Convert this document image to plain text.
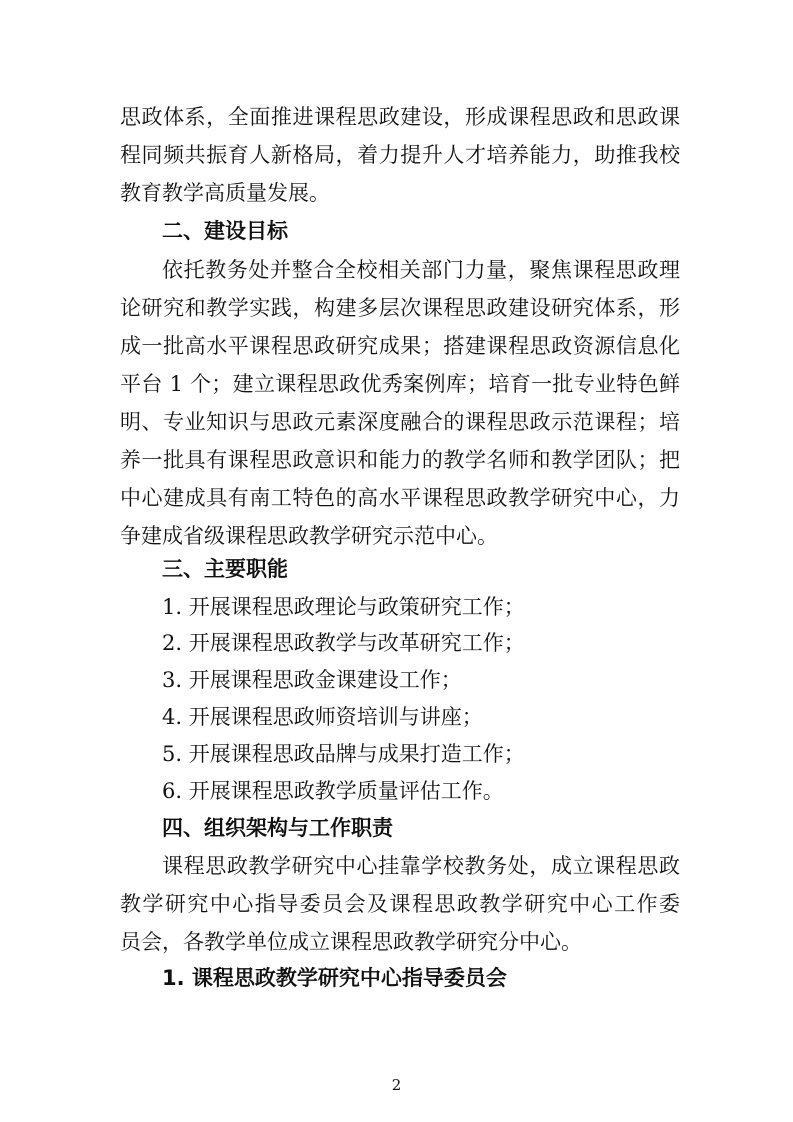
思政体系，全面推进课程思政建设，形成课程思政和思政课
程同频共振育人新格局，着力提升人才培养能力，助推我校
教育教学高质量发展。
二、建设目标
依托教务处并整合全校相关部门力量，聚焦课程思政理
论研究和教学实践，构建多层次课程思政建设研究体系，形
成一批高水平课程思政研究成果；搭建课程思政资源信息化
平台 1 个；建立课程思政优秀案例库；培育一批专业特色鲜
明、专业知识与思政元素深度融合的课程思政示范课程；培
养一批具有课程思政意识和能力的教学名师和教学团队；把
中心建成具有南工特色的高水平课程思政教学研究中心，力
争建成省级课程思政教学研究示范中心。
三、主要职能
1. 开展课程思政理论与政策研究工作；
2. 开展课程思政教学与改革研究工作；
3. 开展课程思政金课建设工作；
4. 开展课程思政师资培训与讲座；
5. 开展课程思政品牌与成果打造工作；
6. 开展课程思政教学质量评估工作。
四、组织架构与工作职责
课程思政教学研究中心挂靠学校教务处，成立课程思政
教学研究中心指导委员会及课程思政教学研究中心工作委
员会，各教学单位成立课程思政教学研究分中心。
1. 课程思政教学研究中心指导委员会
2
